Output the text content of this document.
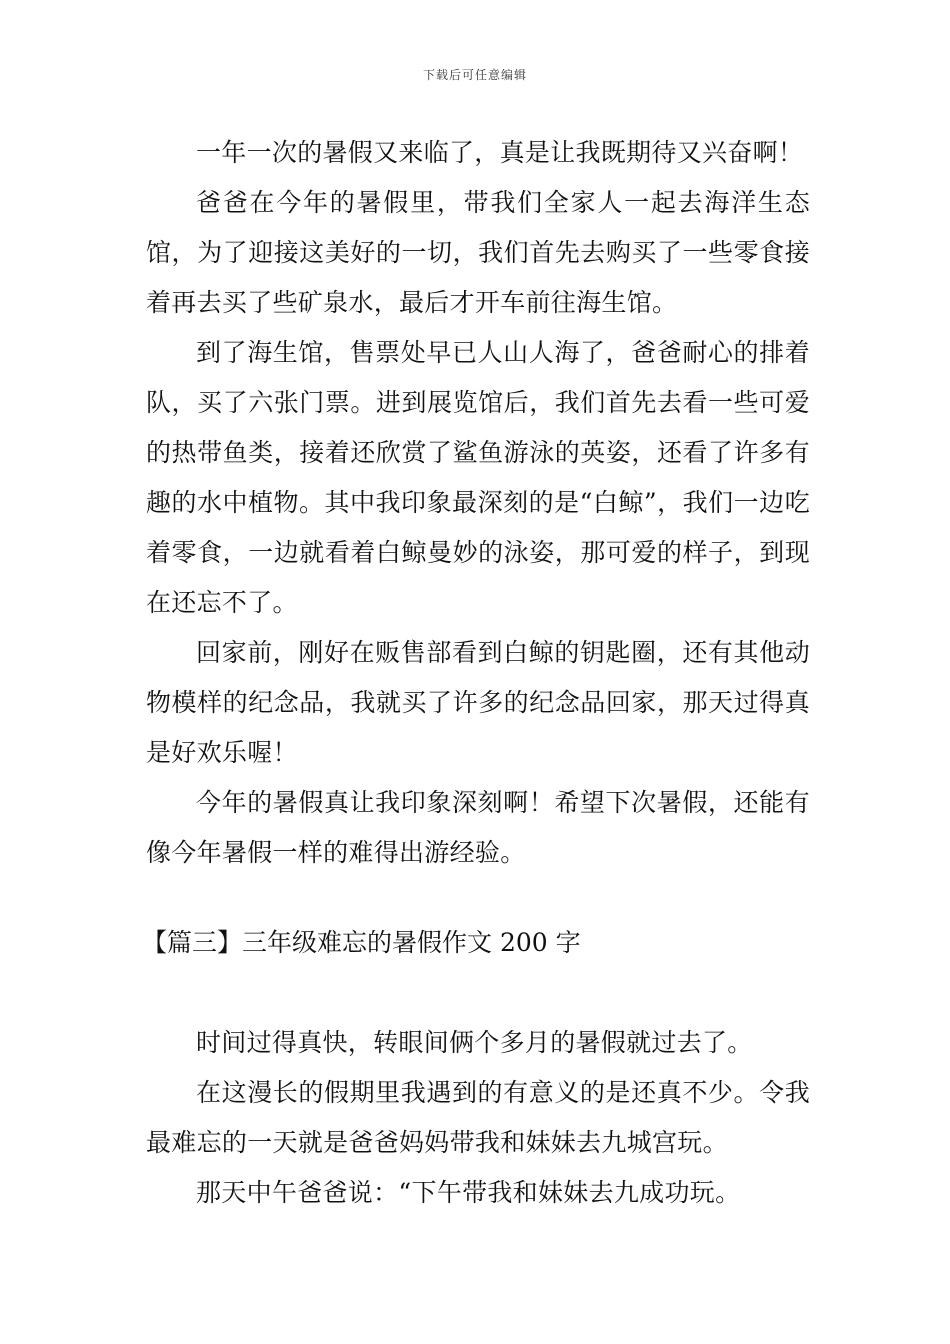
下载后可任意编辑

一年一次的暑假又来临了，真是让我既期待又兴奋啊！

爸爸在今年的暑假里，带我们全家人一起去海洋生态馆，为了迎接这美好的一切，我们首先去购买了一些零食接着再去买了些矿泉水，最后才开车前往海生馆。

到了海生馆，售票处早已人山人海了，爸爸耐心的排着队，买了六张门票。进到展览馆后，我们首先去看一些可爱的热带鱼类，接着还欣赏了鲨鱼游泳的英姿，还看了许多有趣的水中植物。其中我印象最深刻的是“白鲸”，我们一边吃着零食，一边就看着白鲸曼妙的泳姿，那可爱的样子，到现在还忘不了。

回家前，刚好在贩售部看到白鲸的钥匙圈，还有其他动物模样的纪念品，我就买了许多的纪念品回家，那天过得真是好欢乐喔！

今年的暑假真让我印象深刻啊！希望下次暑假，还能有像今年暑假一样的难得出游经验。

【篇三】三年级难忘的暑假作文 200 字

时间过得真快，转眼间俩个多月的暑假就过去了。

在这漫长的假期里我遇到的有意义的是还真不少。令我最难忘的一天就是爸爸妈妈带我和妹妹去九城宫玩。

那天中午爸爸说：“下午带我和妹妹去九成功玩。
